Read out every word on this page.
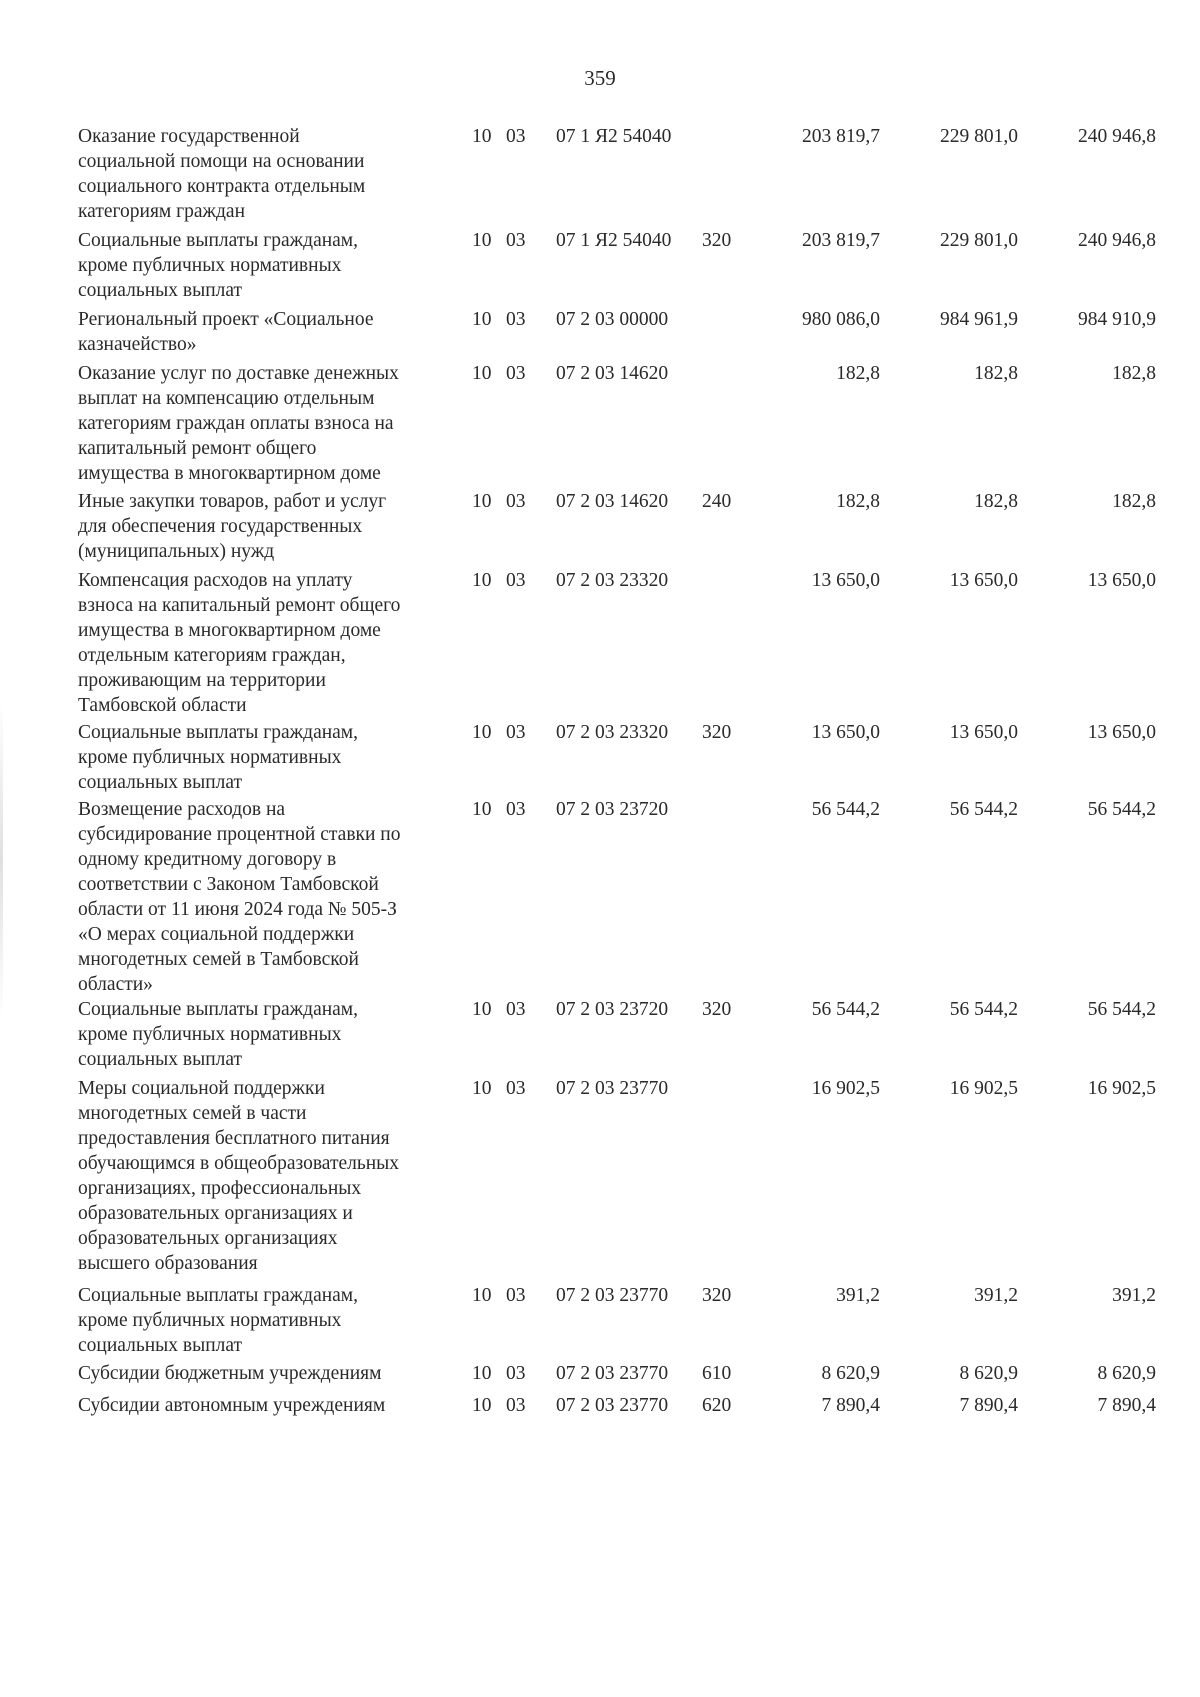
359
Оказание государственной
социальной помощи на основании
социального контракта отдельным
категориям граждан
10 03	07 1 Я2 54040	203 819,7	229 801,0	240 946,8
Социальные выплаты гражданам,
кроме публичных нормативных
социальных выплат
10 03	07 1 Я2 54040	320	203 819,7	229 801,0	240 946,8
Региональный проект «Социальное
казначейство»
10 03	07 2 03 00000	980 086,0	984 961,9	984 910,9
Оказание услуг по доставке денежных
выплат на компенсацию отдельным
категориям граждан оплаты взноса на
капитальный ремонт общего
имущества в многоквартирном доме
10 03	07 2 03 14620	182,8	182,8	182,8
Иные закупки товаров, работ и услуг
для обеспечения государственных
(муниципальных) нужд
10 03	07 2 03 14620	240	182,8	182,8	182,8
Компенсация расходов на уплату
взноса на капитальный ремонт общего
имущества в многоквартирном доме
отдельным категориям граждан,
проживающим на территории
Тамбовской области
10 03	07 2 03 23320	13 650,0	13 650,0	13 650,0
Социальные выплаты гражданам,
кроме публичных нормативных
социальных выплат
10 03	07 2 03 23320	320	13 650,0	13 650,0	13 650,0
Возмещение расходов на
субсидирование процентной ставки по
одному кредитному договору в
соответствии с Законом Тамбовской
области от 11 июня 2024 года № 505-З
«О мерах социальной поддержки
многодетных семей в Тамбовской
области»
10 03	07 2 03 23720	56 544,2	56 544,2	56 544,2
Социальные выплаты гражданам,
кроме публичных нормативных
социальных выплат
10 03	07 2 03 23720	320	56 544,2	56 544,2	56 544,2
Меры социальной поддержки
многодетных семей в части
предоставления бесплатного питания
обучающимся в общеобразовательных
организациях, профессиональных
образовательных организациях и
образовательных организациях
высшего образования
10 03	07 2 03 23770	16 902,5	16 902,5	16 902,5
Социальные выплаты гражданам,
кроме публичных нормативных
социальных выплат
10 03	07 2 03 23770	320	391,2	391,2	391,2
Субсидии бюджетным учреждениям	10 03	07 2 03 23770	610	8 620,9	8 620,9	8 620,9
Субсидии автономным учреждениям	10 03	07 2 03 23770	620	7 890,4	7 890,4	7 890,4
